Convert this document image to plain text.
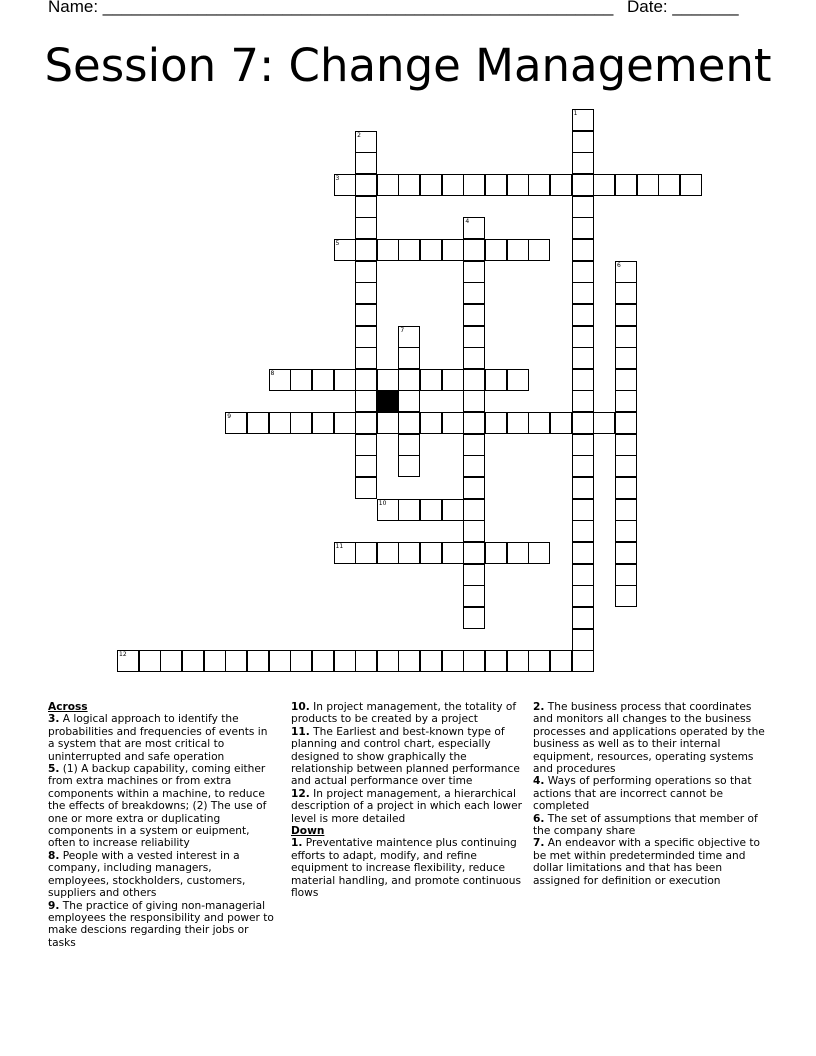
Name: ______________________________________________________ Date: _______
Session 7: Change Management
1
2
3
4
5
6
7
8
9
10
11
12
Across
3. A logical approach to identify the probabilities and frequencies of events in a system that are most critical to uninterrupted and safe operation
5. (1) A backup capability, coming either from extra machines or from extra components within a machine, to reduce the effects of breakdowns; (2) The use of one or more extra or duplicating components in a system or euipment, often to increase reliability
8. People with a vested interest in a company, including managers, employees, stockholders, customers, suppliers and others
9. The practice of giving non-managerial employees the responsibility and power to make descions regarding their jobs or tasks
10. In project management, the totality of products to be created by a project
11. The Earliest and best-known type of planning and control chart, especially designed to show graphically the relationship between planned performance and actual performance over time
12. In project management, a hierarchical description of a project in which each lower level is more detailed
Down
1. Preventative maintence plus continuing efforts to adapt, modify, and refine equipment to increase flexibility, reduce material handling, and promote continuous flows
2. The business process that coordinates and monitors all changes to the business processes and applications operated by the business as well as to their internal equipment, resources, operating systems and procedures
4. Ways of performing operations so that actions that are incorrect cannot be completed
6. The set of assumptions that member of the company share
7. An endeavor with a specific objective to be met within predeterminded time and dollar limitations and that has been assigned for definition or execution
